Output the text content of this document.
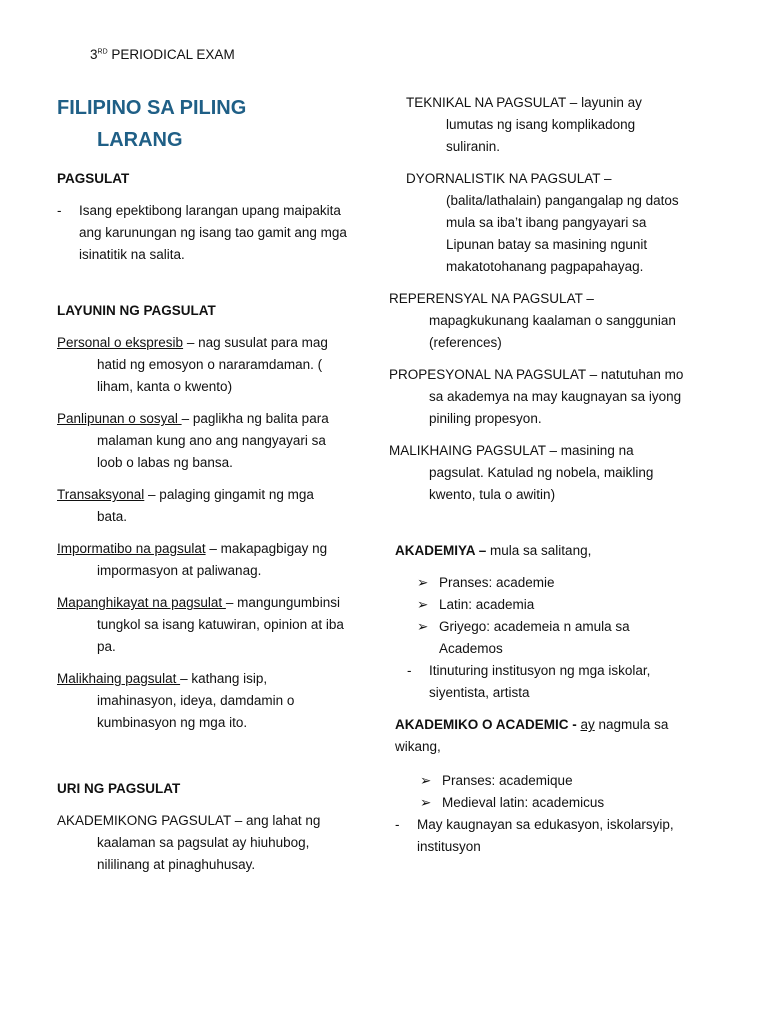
3RD PERIODICAL EXAM
FILIPINO SA PILING
LARANG
PAGSULAT
-	Isang epektibong larangan upang maipakita ang karunungan ng isang tao gamit ang mga isinatitik na salita.
LAYUNIN NG PAGSULAT
Personal o ekspresib – nag susulat para mag hatid ng emosyon o nararamdaman. ( liham, kanta o kwento)
Panlipunan o sosyal – paglikha ng balita para malaman kung ano ang nangyayari sa loob o labas ng bansa.
Transaksyonal – palaging gingamit ng mga bata.
Impormatibo na pagsulat – makapagbigay ng impormasyon at paliwanag.
Mapanghikayat na pagsulat – mangungumbinsi tungkol sa isang katuwiran, opinion at iba pa.
Malikhaing pagsulat – kathang isip, imahinasyon, ideya, damdamin o kumbinasyon ng mga ito.
URI NG PAGSULAT
AKADEMIKONG PAGSULAT – ang lahat ng kaalaman sa pagsulat ay hiuhubog, nililinang at pinaghuhusay.
TEKNIKAL NA PAGSULAT – layunin ay lumutas ng isang komplikadong suliranin.
DYORNALISTIK NA PAGSULAT – (balita/lathalain) pangangalap ng datos mula sa iba’t ibang pangyayari sa Lipunan batay sa masining ngunit makatotohanang pagpapahayag.
REPERENSYAL NA PAGSULAT – mapagkukunang kaalaman o sanggunian (references)
PROPESYONAL NA PAGSULAT – natutuhan mo sa akademya na may kaugnayan sa iyong piniling propesyon.
MALIKHAING PAGSULAT – masining na pagsulat. Katulad ng nobela, maikling kwento, tula o awitin)
AKADEMIYA – mula sa salitang,
➢ Pranses: academie
➢ Latin: academia
➢ Griyego: academeia n amula sa Academos
-	Itinuturing institusyon ng mga iskolar, siyentista, artista
AKADEMIKO O ACADEMIC - ay nagmula sa wikang,
➢ Pranses: academique
➢ Medieval latin: academicus
-	May kaugnayan sa edukasyon, iskolarsyip, institusyon
